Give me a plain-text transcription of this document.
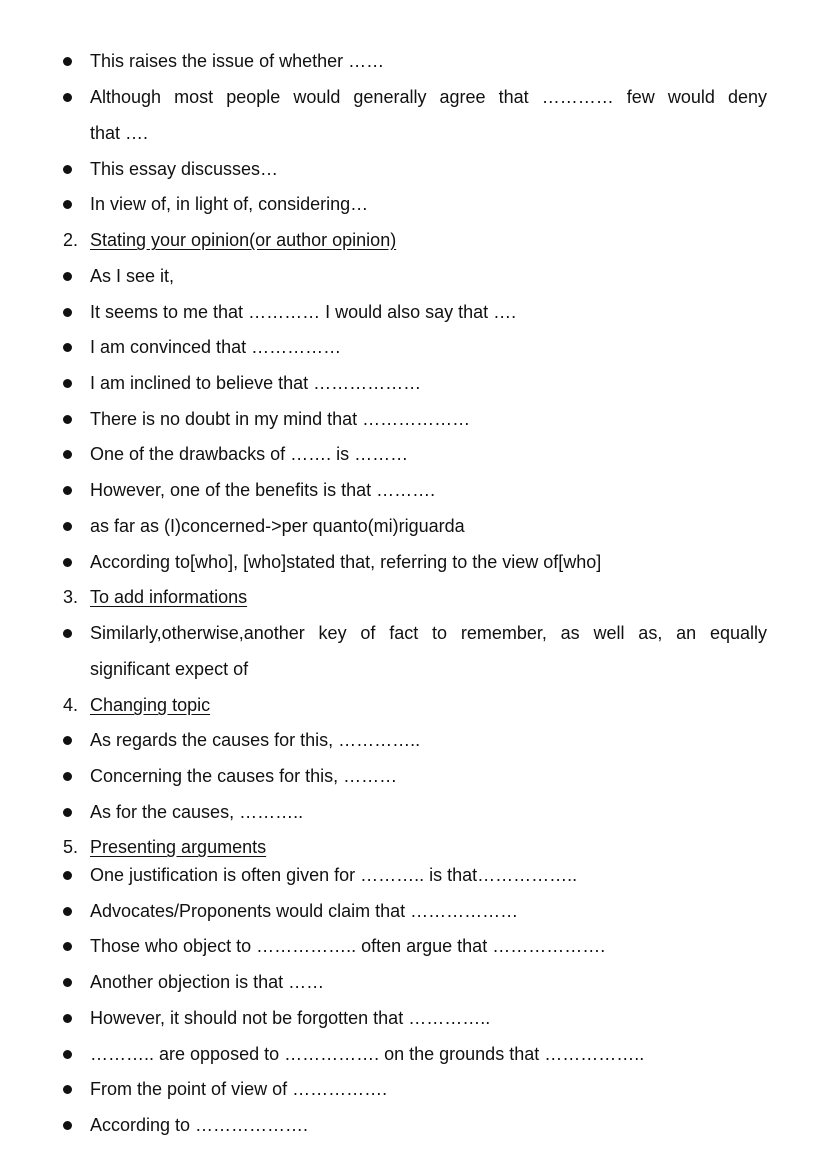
This raises the issue of whether ……
Although most people would generally agree that ………… few would deny
that ….
This essay discusses…
In view of, in light of, considering…
2. Stating your opinion(or author opinion)
As I see it,
It seems to me that ………… I would also say that ….
I am convinced that ……………
I am inclined to believe that ………………
There is no doubt in my mind that ………………
One of the drawbacks of ……. is ………
However, one of the benefits is that ……….
as far as (I)concerned->per quanto(mi)riguarda
According to[who], [who]stated that, referring to the view of[who]
3. To add informations
Similarly,otherwise,another key of fact to remember, as well as, an equally
significant expect of
4. Changing topic
As regards the causes for this, …………..
Concerning the causes for this, ………
As for the causes, ………..
5. Presenting arguments
One justification is often given for ……….. is that……………..
Advocates/Proponents would claim that ………………
Those who object to …………….. often argue that ……………….
Another objection is that ……
However, it should not be forgotten that …………..
……….. are opposed to ……………. on the grounds that ……………..
From the point of view of …………….
According to ……………….
